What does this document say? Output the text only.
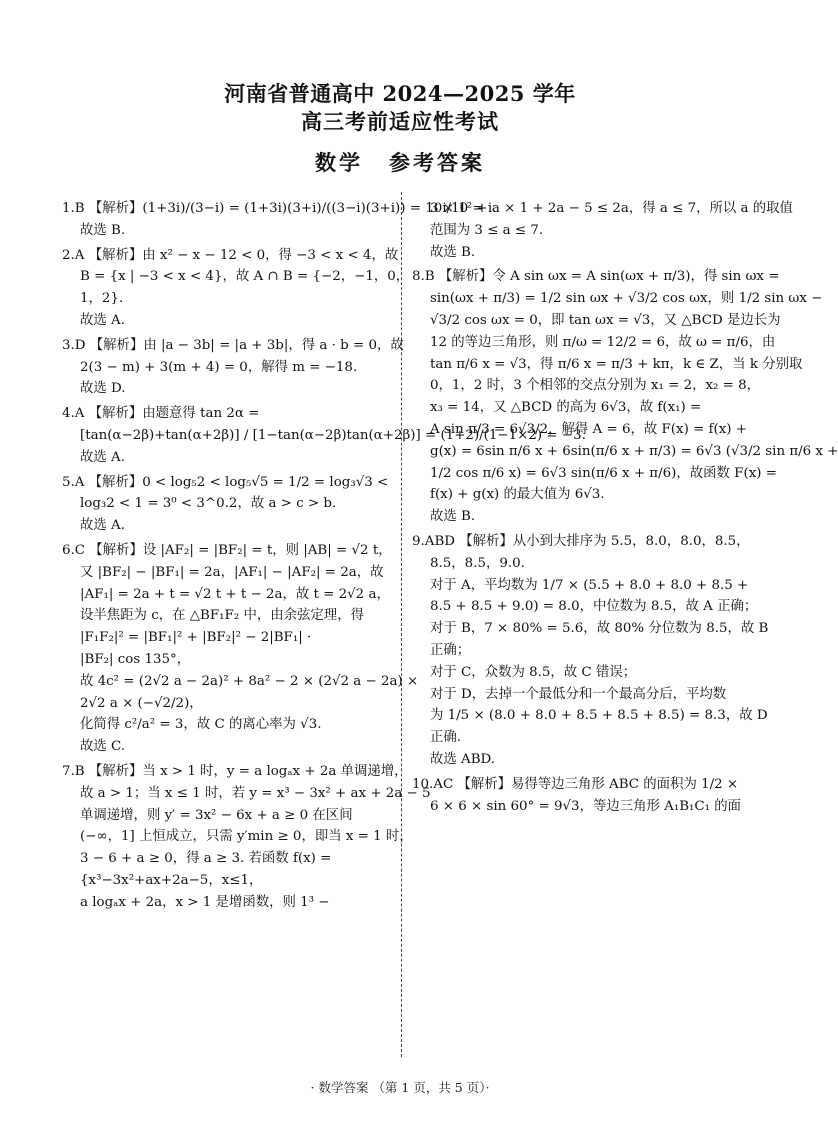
河南省普通高中 2024—2025 学年
高三考前适应性考试
数学 参考答案
1.B 【解析】(1+3i)/(3−i) = (1+3i)(3+i)/((3−i)(3+i)) = 10i/10 = i.
故选 B.
2.A 【解析】由 x² − x − 12 < 0，得 −3 < x < 4，故
B = {x | −3 < x < 4}，故 A ∩ B = {−2，−1，0，
1，2}.
故选 A.
3.D 【解析】由 |a − 3b| = |a + 3b|，得 a · b = 0，故
2(3 − m) + 3(m + 4) = 0，解得 m = −18.
故选 D.
4.A 【解析】由题意得 tan 2α =
[tan(α−2β)+tan(α+2β)] / [1−tan(α−2β)tan(α+2β)] = (1+2)/(1−1×2) = −3.
故选 A.
5.A 【解析】0 < log₅2 < log₅√5 = 1/2 = log₃√3 <
log₃2 < 1 = 3⁰ < 3^0.2，故 a > c > b.
故选 A.
6.C 【解析】设 |AF₂| = |BF₂| = t，则 |AB| = √2 t，
又 |BF₂| − |BF₁| = 2a，|AF₁| − |AF₂| = 2a，故
|AF₁| = 2a + t = √2 t + t − 2a，故 t = 2√2 a，
设半焦距为 c，在 △BF₁F₂ 中，由余弦定理，得
|F₁F₂|² = |BF₁|² + |BF₂|² − 2|BF₁| ·
|BF₂| cos 135°，
故 4c² = (2√2 a − 2a)² + 8a² − 2 × (2√2 a − 2a) ×
2√2 a × (−√2/2)，
化简得 c²/a² = 3，故 C 的离心率为 √3.
故选 C.
7.B 【解析】当 x > 1 时，y = a logₐx + 2a 单调递增，
故 a > 1；当 x ≤ 1 时，若 y = x³ − 3x² + ax + 2a − 5
单调递增，则 y′ = 3x² − 6x + a ≥ 0 在区间
(−∞，1] 上恒成立，只需 y′min ≥ 0，即当 x = 1 时，
3 − 6 + a ≥ 0，得 a ≥ 3. 若函数 f(x) =
{x³−3x²+ax+2a−5，x≤1，
a logₐx + 2a，x > 1 是增函数，则 1³ −
3 × 1² + a × 1 + 2a − 5 ≤ 2a，得 a ≤ 7，所以 a 的取值
范围为 3 ≤ a ≤ 7.
故选 B.
8.B 【解析】令 A sin ωx = A sin(ωx + π/3)，得 sin ωx =
sin(ωx + π/3) = 1/2 sin ωx + √3/2 cos ωx，则 1/2 sin ωx −
√3/2 cos ωx = 0，即 tan ωx = √3，又 △BCD 是边长为
12 的等边三角形，则 π/ω = 12/2 = 6，故 ω = π/6，由
tan π/6 x = √3，得 π/6 x = π/3 + kπ，k ∈ Z，当 k 分别取
0，1，2 时，3 个相邻的交点分别为 x₁ = 2，x₂ = 8，
x₃ = 14，又 △BCD 的高为 6√3，故 f(x₁) =
A sin π/3 = 6√3/2，解得 A = 6，故 F(x) = f(x) +
g(x) = 6sin π/6 x + 6sin(π/6 x + π/3) = 6√3 (√3/2 sin π/6 x +
1/2 cos π/6 x) = 6√3 sin(π/6 x + π/6)，故函数 F(x) =
f(x) + g(x) 的最大值为 6√3.
故选 B.
9.ABD 【解析】从小到大排序为 5.5，8.0，8.0，8.5，
8.5，8.5，9.0.
对于 A，平均数为 1/7 × (5.5 + 8.0 + 8.0 + 8.5 +
8.5 + 8.5 + 9.0) = 8.0，中位数为 8.5，故 A 正确；
对于 B，7 × 80% = 5.6，故 80% 分位数为 8.5，故 B
正确；
对于 C，众数为 8.5，故 C 错误；
对于 D，去掉一个最低分和一个最高分后，平均数
为 1/5 × (8.0 + 8.0 + 8.5 + 8.5 + 8.5) = 8.3，故 D
正确.
故选 ABD.
10.AC 【解析】易得等边三角形 ABC 的面积为 1/2 ×
6 × 6 × sin 60° = 9√3，等边三角形 A₁B₁C₁ 的面
· 数学答案 （第 1 页，共 5 页）·
